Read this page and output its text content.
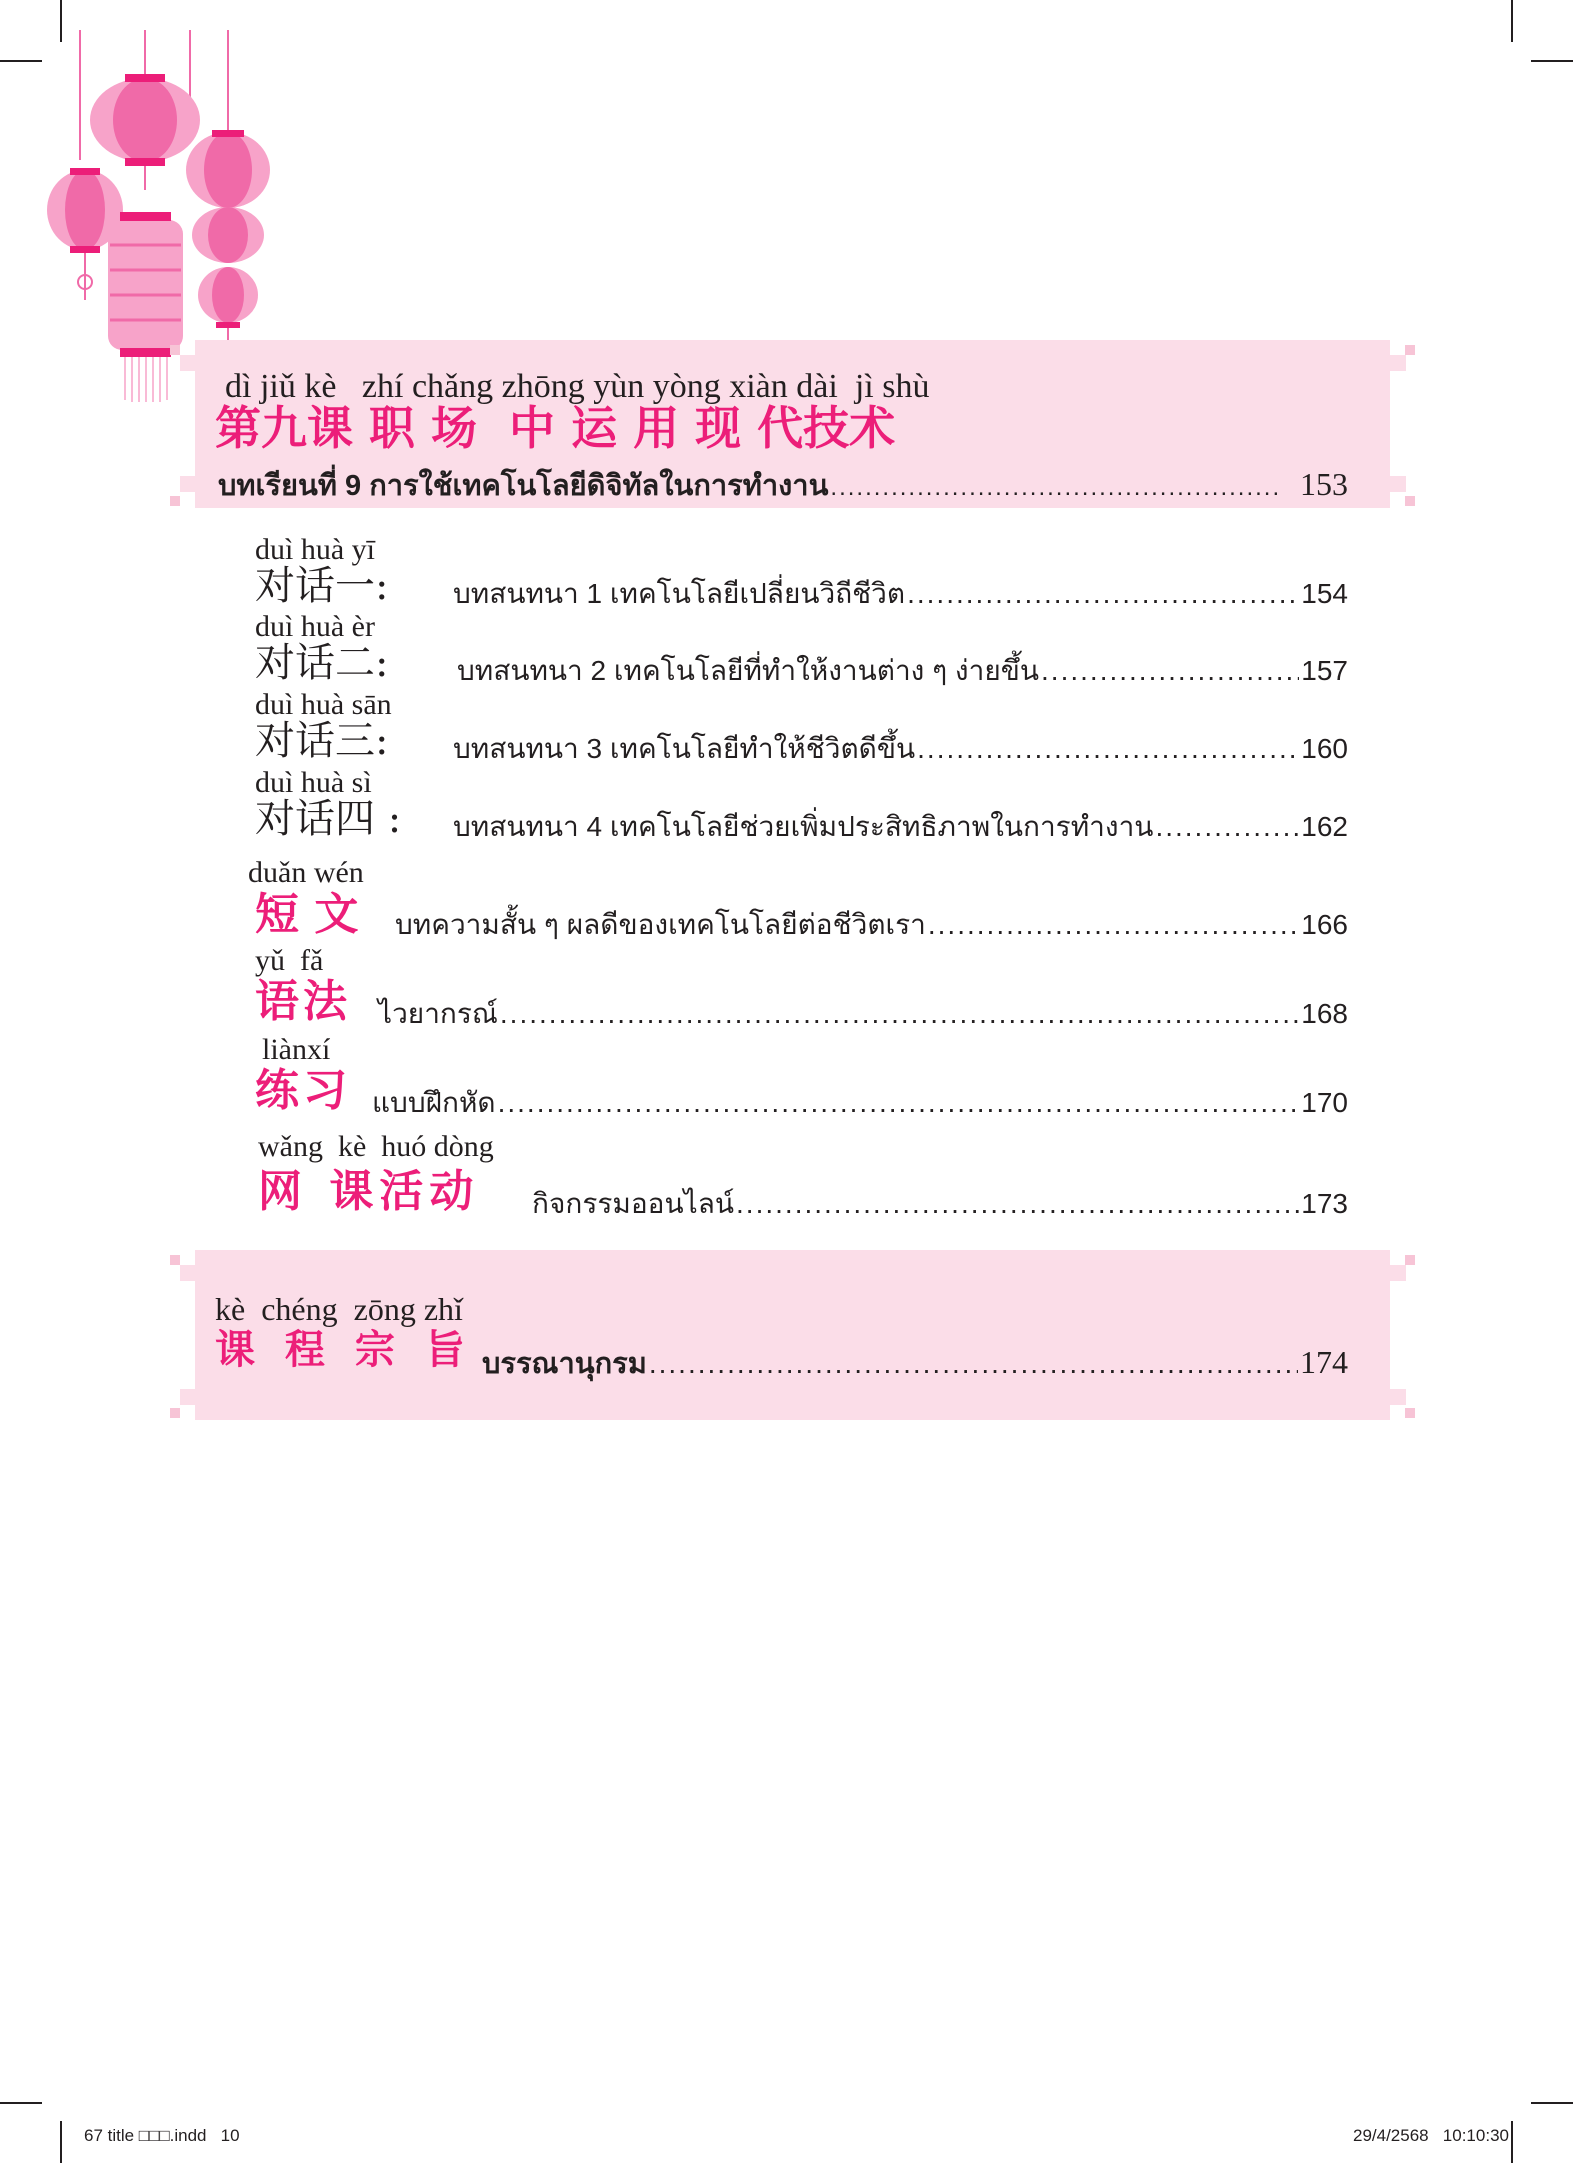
dì jiǔ kè   zhí chǎng zhōng yùn yòng xiàn dài  jì shù
第九课 职 场  中 运 用 现 代技术
บทเรียนที่ 9 การใช้เทคโนโลยีดิจิทัลในการทำงาน .....	153
duì huà yī
对话一: บทสนทนา 1 เทคโนโลยีเปลี่ยนวิถีชีวิต .....	154
duì huà èr
对话二: บทสนทนา 2 เทคโนโลยีที่ทำให้งานต่าง ๆ ง่ายขึ้น .....	157
duì huà sān
对话三: บทสนทนา 3 เทคโนโลยีทำให้ชีวิตดีขึ้น .....	160
duì huà sì
对话四 : บทสนทนา 4 เทคโนโลยีช่วยเพิ่มประสิทธิภาพในการทำงาน .....	162
duǎn wén
短 文 บทความสั้น ๆ ผลดีของเทคโนโลยีต่อชีวิตเรา .....	166
yǔ  fǎ
语法 ไวยากรณ์ .....	168
liànxí
练习 แบบฝึกหัด .....	170
wǎng  kè  huó dòng
网 课活动 กิจกรรมออนไลน์ .....	173
kè  chéng  zōng zhǐ
课 程 宗 旨 บรรณานุกรม .....	174
67 title □□□.indd   10	29/4/2568   10:10:30
